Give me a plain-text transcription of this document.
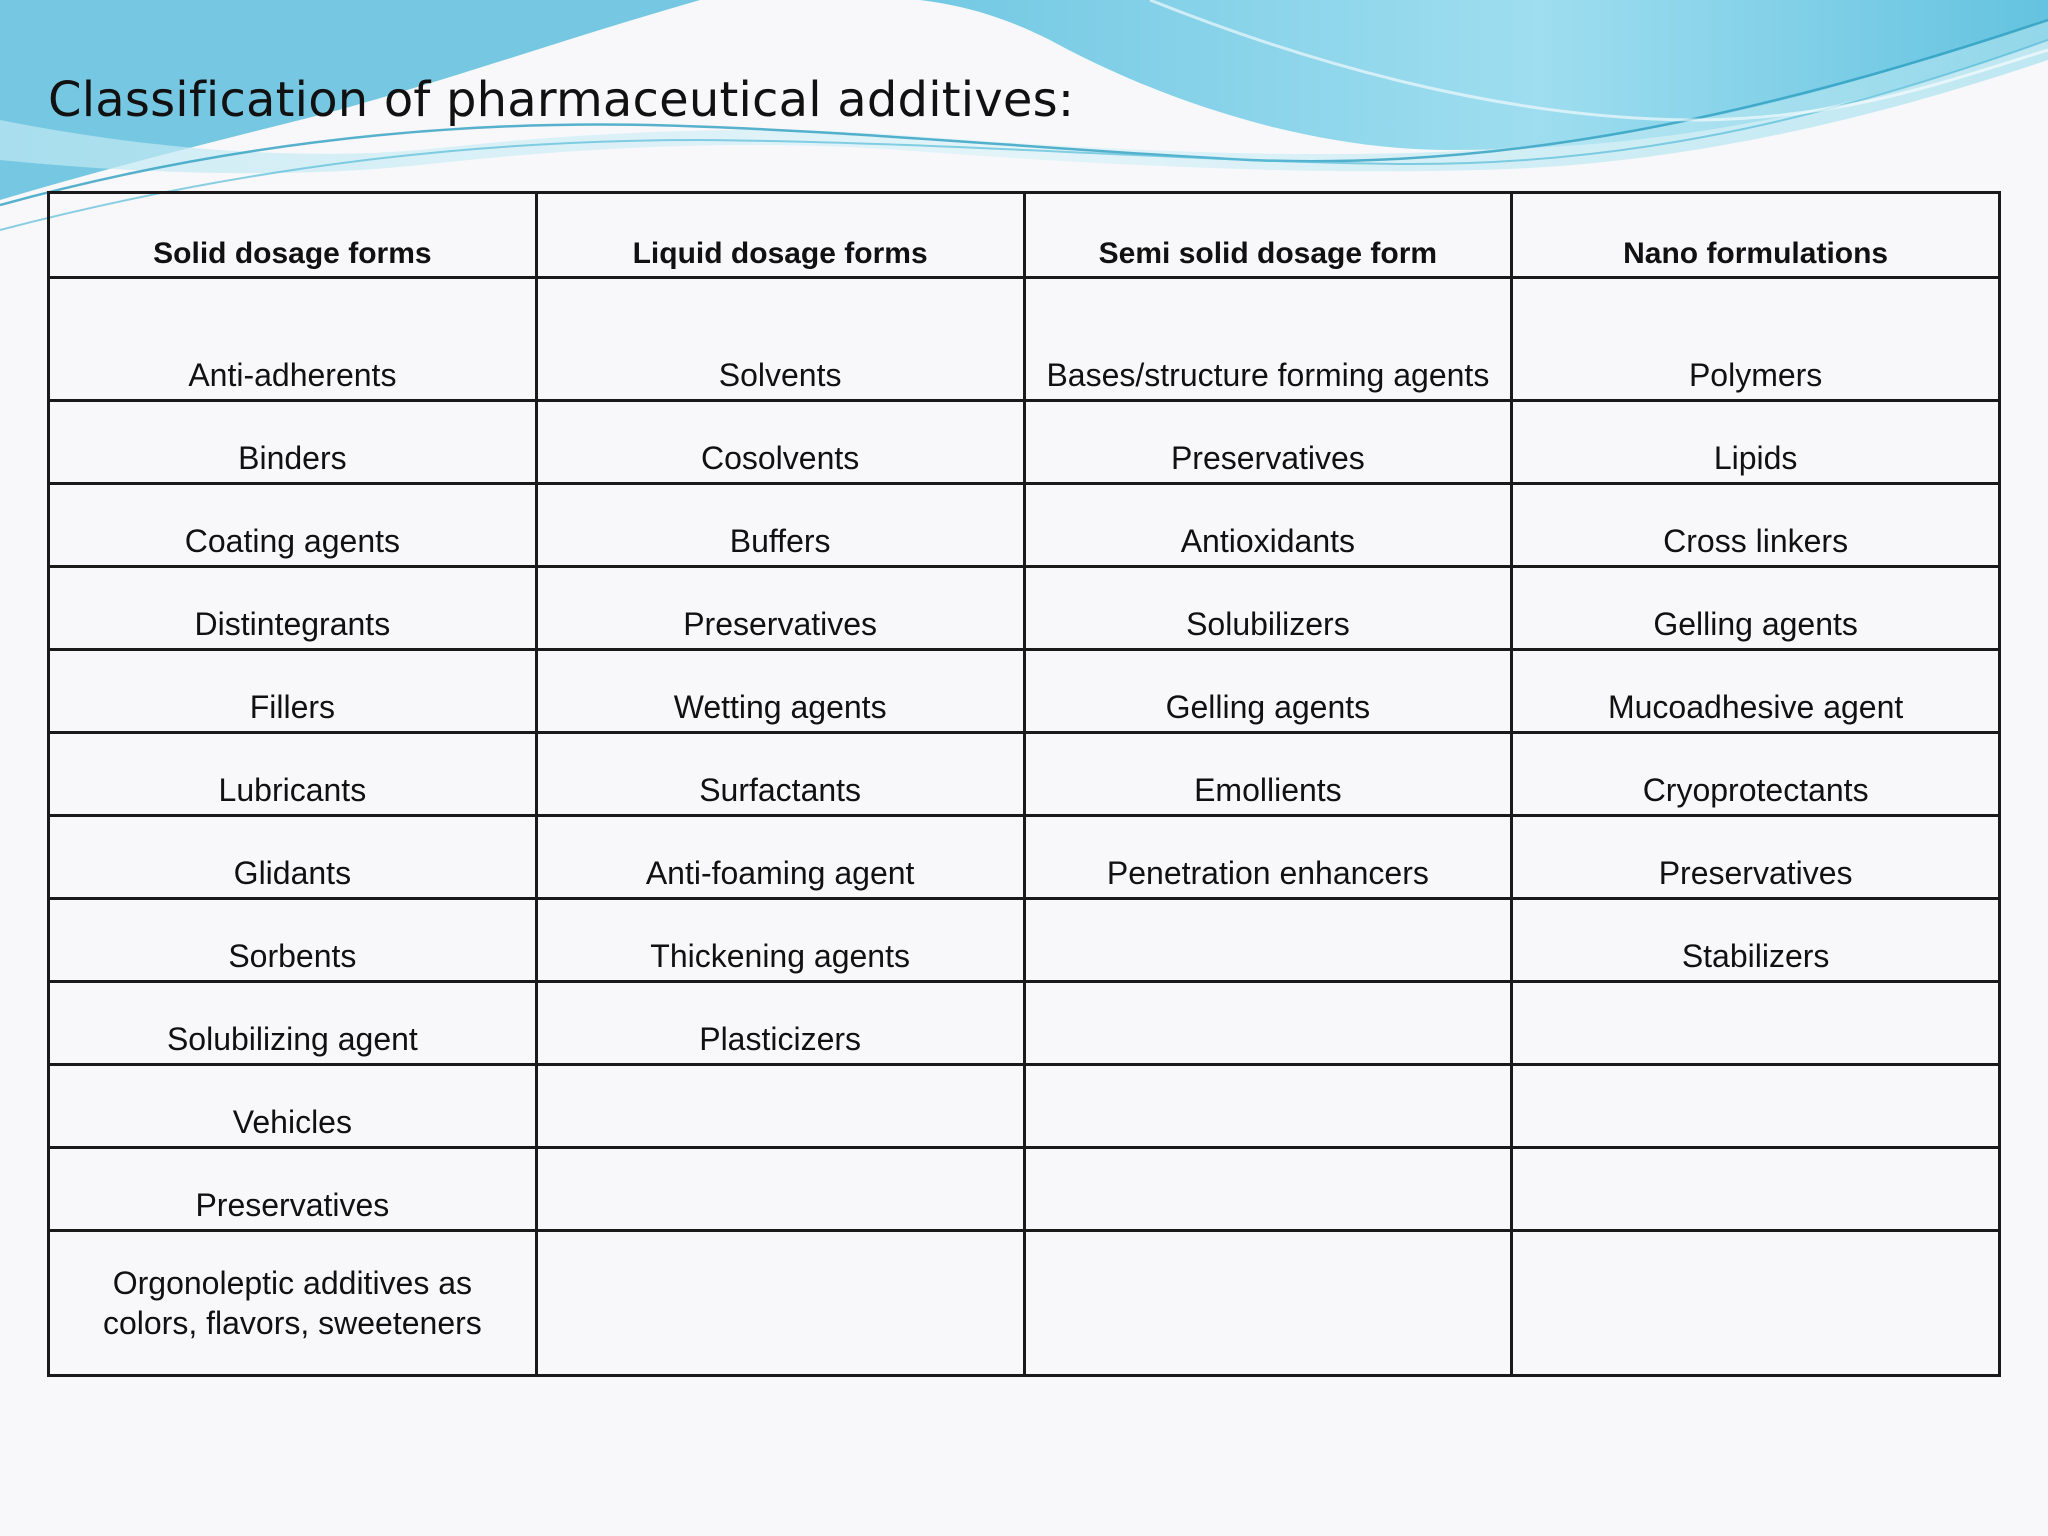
Classification of pharmaceutical additives:
Solid dosage forms	Liquid dosage forms	Semi solid dosage form	Nano formulations
Anti-adherents	Solvents	Bases/structure forming agents	Polymers
Binders	Cosolvents	Preservatives	Lipids
Coating agents	Buffers	Antioxidants	Cross linkers
Distintegrants	Preservatives	Solubilizers	Gelling agents
Fillers	Wetting agents	Gelling agents	Mucoadhesive agent
Lubricants	Surfactants	Emollients	Cryoprotectants
Glidants	Anti-foaming agent	Penetration enhancers	Preservatives
Sorbents	Thickening agents		Stabilizers
Solubilizing agent	Plasticizers		
Vehicles			
Preservatives			
Orgonoleptic additives as colors, flavors, sweeteners			
